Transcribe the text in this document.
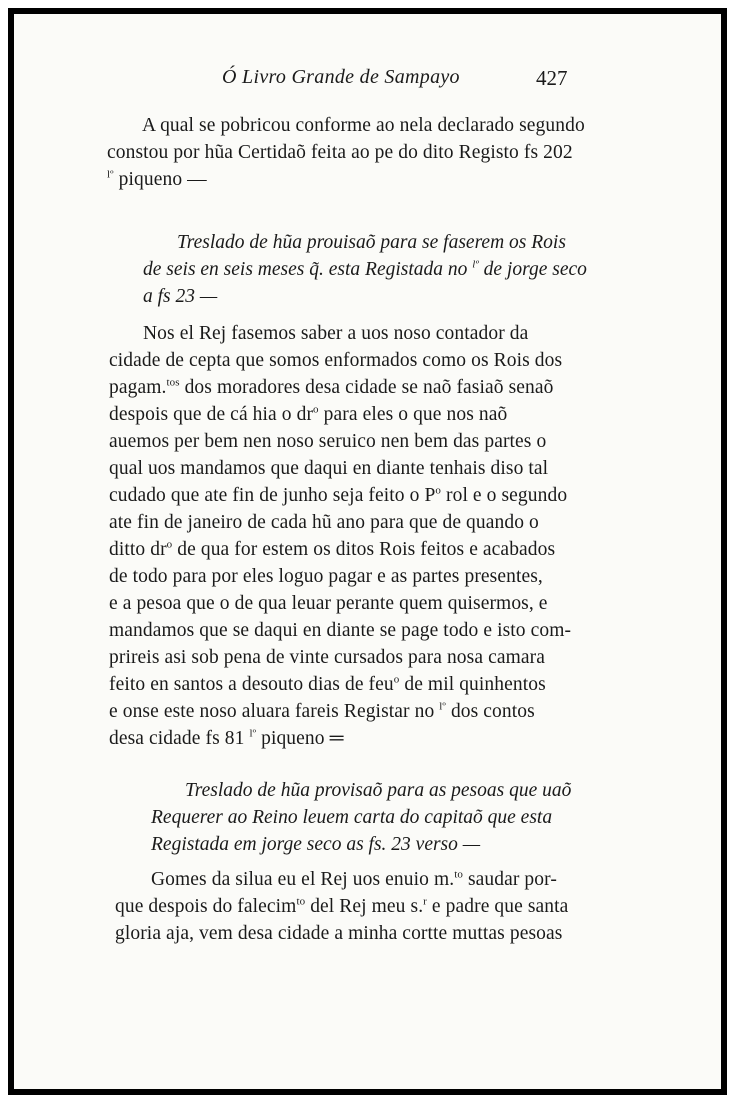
Ó Livro Grande de Sampayo	427
A qual se pobricou conforme ao nela declarado segundo
constou por hũa Certidaõ feita ao pe do dito Registo fs 202
$^{lº}$ piqueno —
Treslado de hũa prouisaõ para se faserem os Rois
de seis en seis meses q̃. esta Registada no $^{lº}$ de jorge seco
a fs 23 —
Nos el Rej fasemos saber a uos noso contador da
cidade de cepta que somos enformados como os Rois dos
pagam.$^{tos}$ dos moradores desa cidade se naõ fasiaõ senaõ
despois que de cá hia o $dr^o$ para eles o que nos naõ
auemos per bem nen noso seruico nen bem das partes o
qual uos mandamos que daqui en diante tenhais diso tal
cudado que ate fin de junho seja feito o $P^o$ rol e o segundo
ate fin de janeiro de cada hũ ano para que de quando o
ditto $dr^o$ de qua for estem os ditos Rois feitos e acabados
de todo para por eles loguo pagar e as partes presentes,
e a pesoa que o de qua leuar perante quem quisermos, e
mandamos que se daqui en diante se page todo e isto com-
prireis asi sob pena de vinte cursados para nosa camara
feito en santos a desouto dias de feu$^o$ de mil quinhentos
e onse este noso aluara fareis Registar no $^{lº}$ dos contos
desa cidade fs 81 $^{lº}$ piqueno ═
Treslado de hũa provisaõ para as pesoas que uaõ
Requerer ao Reino leuem carta do capitaõ que esta
Registada em jorge seco as fs. 23 verso —
Gomes da silua eu el Rej uos enuio m.$^{to}$ saudar por-
que despois do falecim$^{to}$ del Rej meu s.$^r$ e padre que santa
gloria aja, vem desa cidade a minha cortte muttas pesoas
